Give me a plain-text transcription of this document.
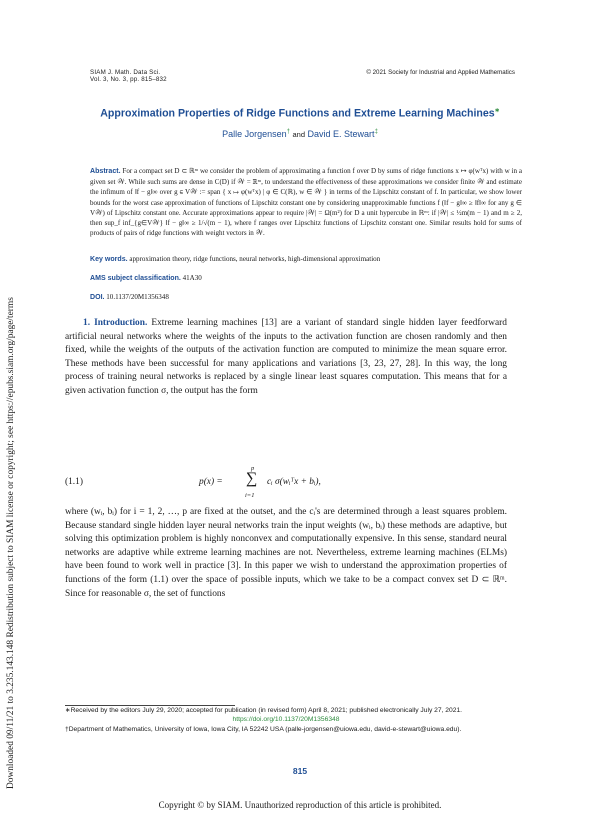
Downloaded 09/11/21 to 3.235.143.148 Redistribution subject to SIAM license or copyright; see https://epubs.siam.org/page/terms
SIAM J. Math. Data Sci.
Vol. 3, No. 3, pp. 815–832
© 2021 Society for Industrial and Applied Mathematics
Approximation Properties of Ridge Functions and Extreme Learning Machines∗
Palle Jorgensen† and David E. Stewart‡
Abstract. For a compact set D ⊂ ℝᵐ we consider the problem of approximating a function f over D by sums of ridge functions x ↦ φ(wᵀx) with w in a given set 𝒲. While such sums are dense in C(D) if 𝒲 = ℝᵐ, to understand the effectiveness of these approximations we consider finite 𝒲 and estimate the infimum of ‖f − g‖∞ over g ∈ V𝒲 := span { x ↦ φ(wᵀx) | φ ∈ C(ℝ), w ∈ 𝒲 } in terms of the Lipschitz constant of f. In particular, we show lower bounds for the worst case approximation of functions of Lipschitz constant one by considering unapproximable functions f (‖f − g‖∞ ≥ ‖f‖∞ for any g ∈ V𝒲) of Lipschitz constant one. Accurate approximations appear to require |𝒲| = Ω(m²) for D a unit hypercube in ℝᵐ: if |𝒲| ≤ ½m(m − 1) and m ≥ 2, then sup_f inf_{g∈V𝒲} ‖f − g‖∞ ≥ 1/√(m − 1), where f ranges over Lipschitz functions of Lipschitz constant one. Similar results hold for sums of products of pairs of ridge functions with weight vectors in 𝒲.
Key words. approximation theory, ridge functions, neural networks, high-dimensional approximation
AMS subject classification. 41A30
DOI. 10.1137/20M1356348
1. Introduction. Extreme learning machines [13] are a variant of standard single hidden layer feedforward artificial neural networks where the weights of the inputs to the activation function are chosen randomly and then fixed, while the weights of the outputs of the activation function are computed to minimize the mean square error. These methods have been successful for many applications and variations [3, 23, 27, 28]. In this way, the long process of training neural networks is replaced by a single linear least squares computation. This means that for a given activation function σ, the output has the form
(1.1)	p(x) =
p
∑
i=1
cᵢ σ(wᵢᵀx + bᵢ),
where (wᵢ, bᵢ) for i = 1, 2, …, p are fixed at the outset, and the cᵢ's are determined through a least squares problem. Because standard single hidden layer neural networks train the input weights (wᵢ, bᵢ) these methods are adaptive, but solving this optimization problem is highly nonconvex and computationally expensive. In this sense, standard neural networks are adaptive while extreme learning machines are not. Nevertheless, extreme learning machines (ELMs) have been found to work well in practice [3]. In this paper we wish to understand the approximation properties of functions of the form (1.1) over the space of possible inputs, which we take to be a compact convex set D ⊂ ℝᵐ. Since for reasonable σ, the set of functions
∗Received by the editors July 29, 2020; accepted for publication (in revised form) April 8, 2021; published electronically July 27, 2021.
https://doi.org/10.1137/20M1356348
†Department of Mathematics, University of Iowa, Iowa City, IA 52242 USA (palle-jorgensen@uiowa.edu, david-e-stewart@uiowa.edu).
815
Copyright © by SIAM. Unauthorized reproduction of this article is prohibited.
